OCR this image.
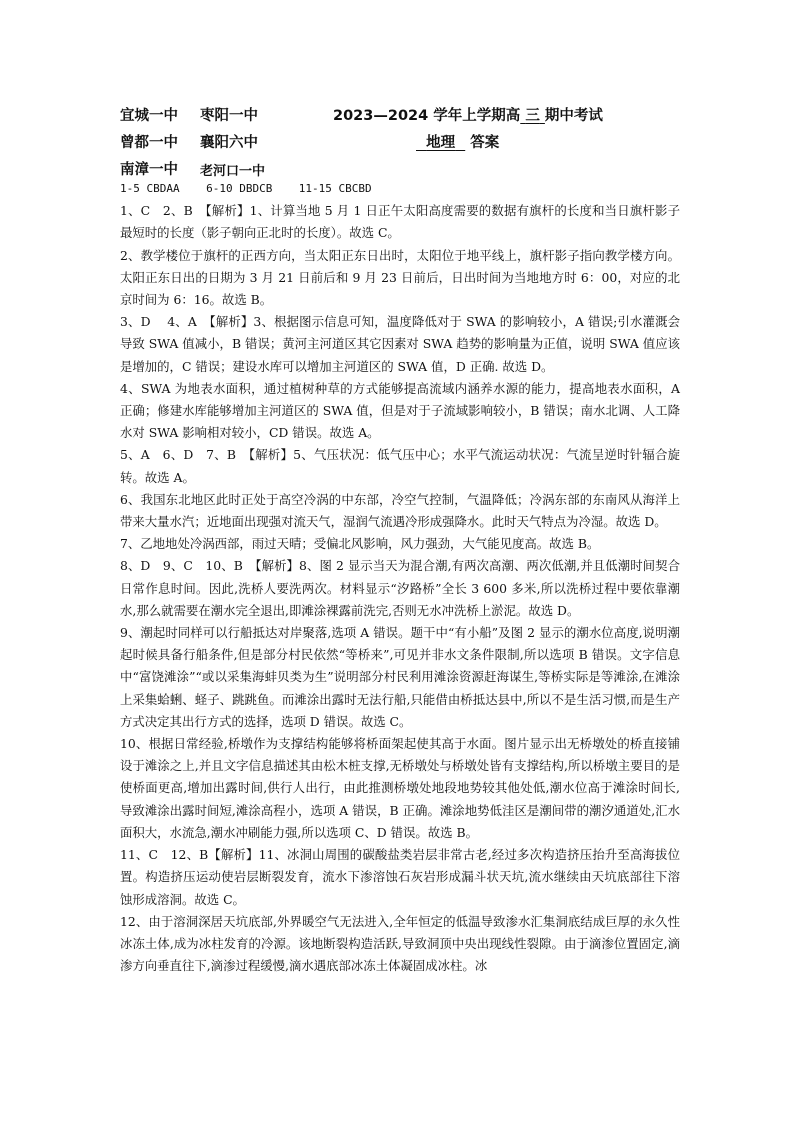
宜城一中 枣阳一中
曾都一中 襄阳六中
南漳一中 老河口一中
2023—2024 学年上学期高 三 期中考试
地理 答案

1-5 CBDAA    6-10 DBDCB    11-15 CBCBD

1、C　2、B　【解析】1、计算当地 5 月 1 日正午太阳高度需要的数据有旗杆的长度和当日旗杆影子最短时的长度（影子朝向正北时的长度）。故选 C。

2、教学楼位于旗杆的正西方向，当太阳正东日出时，太阳位于地平线上，旗杆影子指向教学楼方向。太阳正东日出的日期为 3 月 21 日前后和 9 月 23 日前后，日出时间为当地地方时 6：00，对应的北京时间为 6：16。故选 B。

3、D　 4、A　【解析】3、根据图示信息可知，温度降低对于 SWA 的影响较小，A 错误;引水灌溉会导致 SWA 值减小，B 错误；黄河主河道区其它因素对 SWA 趋势的影响量为正值，说明 SWA 值应该是增加的，C 错误；建设水库可以增加主河道区的 SWA 值，D 正确. 故选 D。

4、SWA 为地表水面积，通过植树种草的方式能够提高流域内涵养水源的能力，提高地表水面积，A 正确；修建水库能够增加主河道区的 SWA 值，但是对于子流域影响较小，B 错误；南水北调、人工降水对 SWA 影响相对较小，CD 错误。故选 A。

5、A　6、D　7、B　【解析】5、气压状况：低气压中心；水平气流运动状况：气流呈逆时针辐合旋转。故选 A。

6、我国东北地区此时正处于高空冷涡的中东部，冷空气控制，气温降低；冷涡东部的东南风从海洋上带来大量水汽；近地面出现强对流天气，湿润气流遇冷形成强降水。此时天气特点为冷湿。故选 D。

7、乙地地处冷涡西部，雨过天晴；受偏北风影响，风力强劲，大气能见度高。故选 B。

8、D　9、C　10、B　【解析】8、图 2 显示当天为混合潮,有两次高潮、两次低潮,并且低潮时间契合日常作息时间。因此,洗桥人要洗两次。材料显示“汐路桥”全长 3 600 多米,所以洗桥过程中要依靠潮水,那么就需要在潮水完全退出,即滩涂裸露前洗完,否则无水冲洗桥上淤泥。故选 D。

9、潮起时同样可以行船抵达对岸聚落,选项 A 错误。题干中“有小船”及图 2 显示的潮水位高度,说明潮起时候具备行船条件,但是部分村民依然“等桥来”,可见并非水文条件限制,所以选项 B 错误。文字信息中“富饶滩涂”“或以采集海蚌贝类为生”说明部分村民利用滩涂资源赶海谋生,等桥实际是等滩涂,在滩涂上采集蛤蜊、蛏子、跳跳鱼。而滩涂出露时无法行船,只能借由桥抵达县中,所以不是生活习惯,而是生产方式决定其出行方式的选择，选项 D 错误。故选 C。

10、根据日常经验,桥墩作为支撑结构能够将桥面架起使其高于水面。图片显示出无桥墩处的桥直接铺设于滩涂之上,并且文字信息描述其由松木桩支撑,无桥墩处与桥墩处皆有支撑结构,所以桥墩主要目的是使桥面更高,增加出露时间,供行人出行，由此推测桥墩处地段地势较其他处低,潮水位高于滩涂时间长,导致滩涂出露时间短,滩涂高程小，选项 A 错误，B 正确。滩涂地势低洼区是潮间带的潮汐通道处,汇水面积大，水流急,潮水冲刷能力强,所以选项 C、D 错误。故选 B。

11、C　12、B【解析】11、冰洞山周围的碳酸盐类岩层非常古老,经过多次构造挤压抬升至高海拔位置。构造挤压运动使岩层断裂发育，流水下渗溶蚀石灰岩形成漏斗状天坑,流水继续由天坑底部往下溶蚀形成溶洞。故选 C。

12、由于溶洞深居天坑底部,外界暖空气无法进入,全年恒定的低温导致渗水汇集洞底结成巨厚的永久性冰冻土体,成为冰柱发育的冷源。该地断裂构造活跃,导致洞顶中央出现线性裂隙。由于滴渗位置固定,滴渗方向垂直往下,滴渗过程缓慢,滴水遇底部冰冻土体凝固成冰柱。冰
